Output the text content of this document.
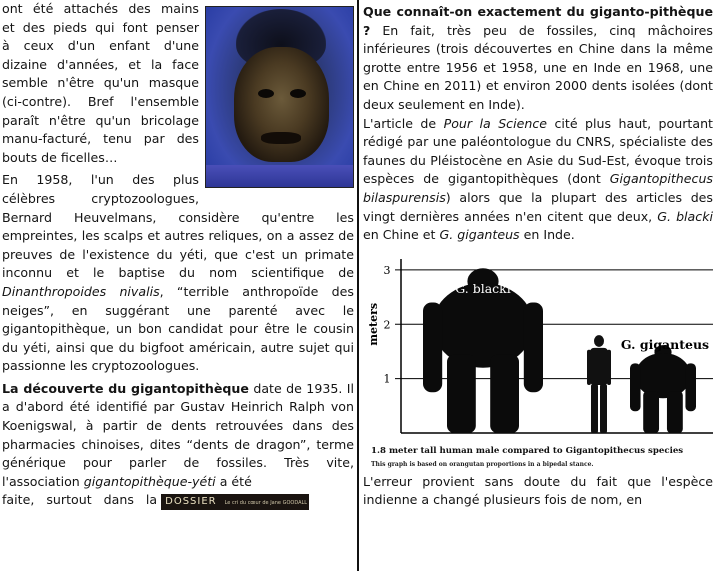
ont été attachés des mains

et des pieds qui font penser

à ceux d'un enfant d'une

dizaine d'années, et la face

semble n'être qu'un masque

(ci-contre). Bref l'ensemble

paraît n'être qu'un bricolage

manu-facturé, tenu par des

bouts de ficelles…

En 1958, l'un des plus

célèbres cryptozoologues, Bernard Heuvelmans, considère qu'entre les empreintes, les scalps et autres reliques, on a assez de preuves de l'existence du yéti, que c'est un primate inconnu et le baptise du nom scientifique de Dinanthropoides nivalis, “terrible anthropoïde des neiges”, en suggérant une parenté avec le gigantopithèque, un bon candidat pour être le cousin du yéti, ainsi que du bigfoot américain, autre sujet qui passionne les cryptozoologues.

La découverte du gigantopithèque date de 1935. Il a d'abord été identifié par Gustav Heinrich Ralph von Koenigswal, à partir de dents retrouvées dans des pharmacies chinoises, dites “dents de dragon”, terme générique pour parler de fossiles. Très vite, l'association gigantopithèque-yéti a été

faite, surtout dans la DOSSIER Le cri du cœur de Jane GOODALL

Que connaît-on exactement du giganto-pithèque ? En fait, très peu de fossiles, cinq mâchoires inférieures (trois découvertes en Chine dans la même grotte entre 1956 et 1958, une en Inde en 1968, une en Chine en 2011) et environ 2000 dents isolées (dont deux seulement en Inde).

L'article de Pour la Science cité plus haut, pourtant rédigé par une paléontologue du CNRS, spécialiste des faunes du Pléistocène en Asie du Sud-Est, évoque trois espèces de gigantopithèques (dont Gigantopithecus bilaspurensis) alors que la plupart des articles des vingt dernières années n'en citent que deux, G. blacki en Chine et G. giganteus en Inde.

1
2
3
meters
G. blacki
G. giganteus
1.8 meter tall human male compared to Gigantopithecus species
This graph is based on orangutan proportions in a bipedal stance.

L'erreur provient sans doute du fait que l'espèce indienne a changé plusieurs fois de nom, en
